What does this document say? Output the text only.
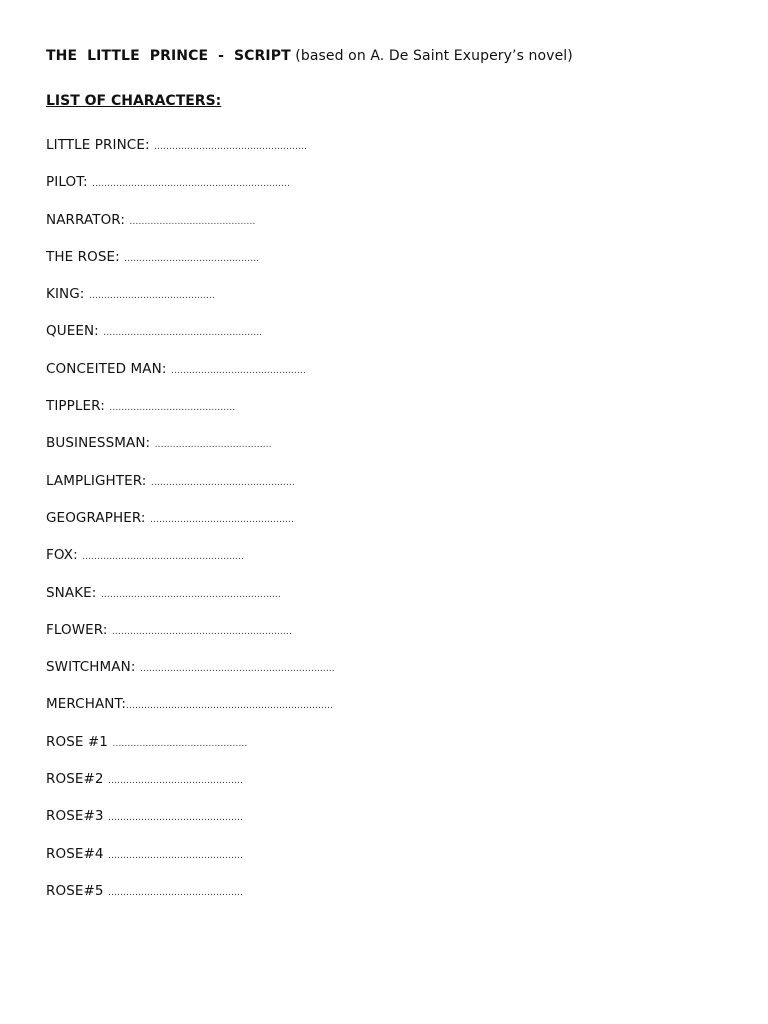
THE LITTLE PRINCE - SCRIPT (based on A. De Saint Exupery’s novel)
LIST OF CHARACTERS:
LITTLE PRINCE: ……………………………………………
PILOT: …………………………………………………………
NARRATOR: ……………………………………
THE ROSE: ………………………………………
KING: ……………………………………
QUEEN: ……………………………………………..
CONCEITED MAN: ………………………………………
TIPPLER: ……………………………………
BUSINESSMAN: …………………………………
LAMPLIGHTER: …………………………………………
GEOGRAPHER: …………………………………………
FOX: ………………………………………………
SNAKE: ……………………………………………………
FLOWER: ……………………………………………………
SWITCHMAN: ………………………………………………………..
MERCHANT:……………………………………………………………
ROSE #1 ………………………………………
ROSE#2 ………………………………………
ROSE#3 ………………………………………
ROSE#4 ………………………………………
ROSE#5 ………………………………………
